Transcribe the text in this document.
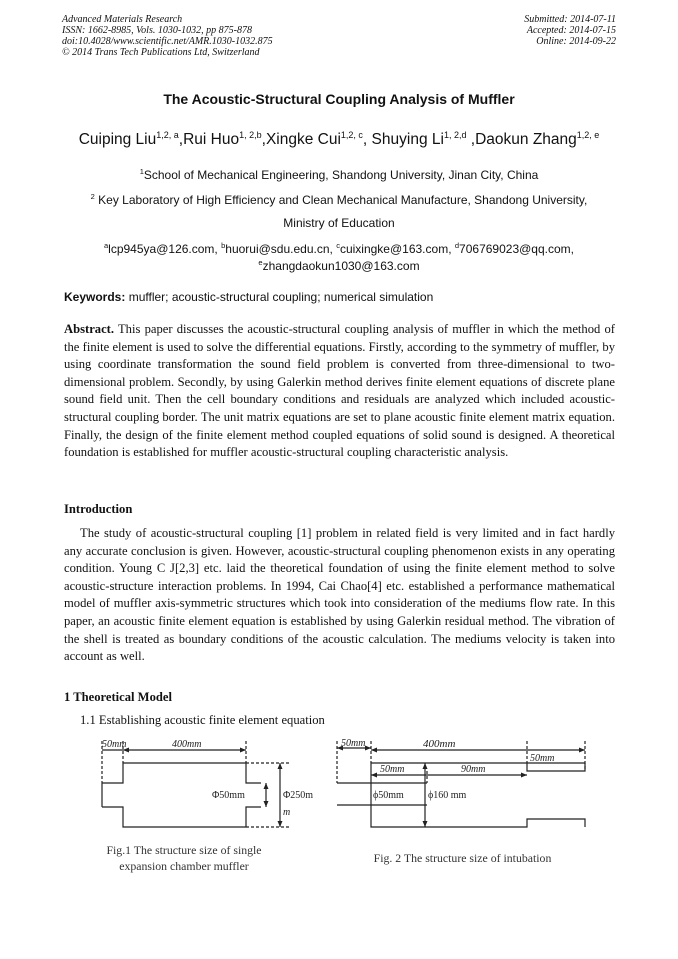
Advanced Materials Research
ISSN: 1662-8985, Vols. 1030-1032, pp 875-878
doi:10.4028/www.scientific.net/AMR.1030-1032.875
© 2014 Trans Tech Publications Ltd, Switzerland
Submitted: 2014-07-11
Accepted: 2014-07-15
Online: 2014-09-22
The Acoustic-Structural Coupling Analysis of Muffler
Cuiping Liu$^{1,2, a}$,Rui Huo$^{1, 2,b}$,Xingke Cui$^{1,2, c}$, Shuying Li$^{1, 2,d}$ ,Daokun Zhang$^{1,2, e}$
$^1$School of Mechanical Engineering, Shandong University, Jinan City, China
$^2$ Key Laboratory of High Efficiency and Clean Mechanical Manufacture, Shandong University,
Ministry of Education
$^a$lcp945ya@126.com, $^b$huorui@sdu.edu.cn, $^c$cuixingke@163.com, $^d$706769023@qq.com,
$^e$zhangdaokun1030@163.com
Keywords: muffler; acoustic-structural coupling; numerical simulation
Abstract. This paper discusses the acoustic-structural coupling analysis of muffler in which the method of the finite element is used to solve the differential equations. Firstly, according to the symmetry of muffler, by using coordinate transformation the sound field problem is converted from three-dimensional to two-dimensional problem. Secondly, by using Galerkin method derives finite element equations of discrete plane sound field unit. Then the cell boundary conditions and residuals are analyzed which included acoustic-structural coupling border. The unit matrix equations are set to plane acoustic finite element matrix equation. Finally, the design of the finite element method coupled equations of solid sound is designed. A theoretical foundation is established for muffler acoustic-structural coupling characteristic analysis.
Introduction
The study of acoustic-structural coupling [1] problem in related field is very limited and in fact hardly any accurate conclusion is given. However, acoustic-structural coupling phenomenon exists in any operating condition. Young C J[2,3] etc. laid the theoretical foundation of using the finite element method to solve acoustic-structure interaction problems. In 1994, Cai Chao[4] etc. established a performance mathematical model of muffler axis-symmetric structures which took into consideration of the mediums flow rate. In this paper, an acoustic finite element equation is established by using Galerkin residual method. The vibration of the shell is treated as boundary conditions of the acoustic calculation. The mediums velocity is taken into account as well.
1 Theoretical Model
1.1 Establishing acoustic finite element equation
50mm	400mm
Φ50mm	Φ250m
m
Fig.1 The structure size of single
expansion chamber muffler
50mm	400mm
50mm
50mm	90mm
ϕ50mm ϕ160 mm
Fig. 2 The structure size of intubation
